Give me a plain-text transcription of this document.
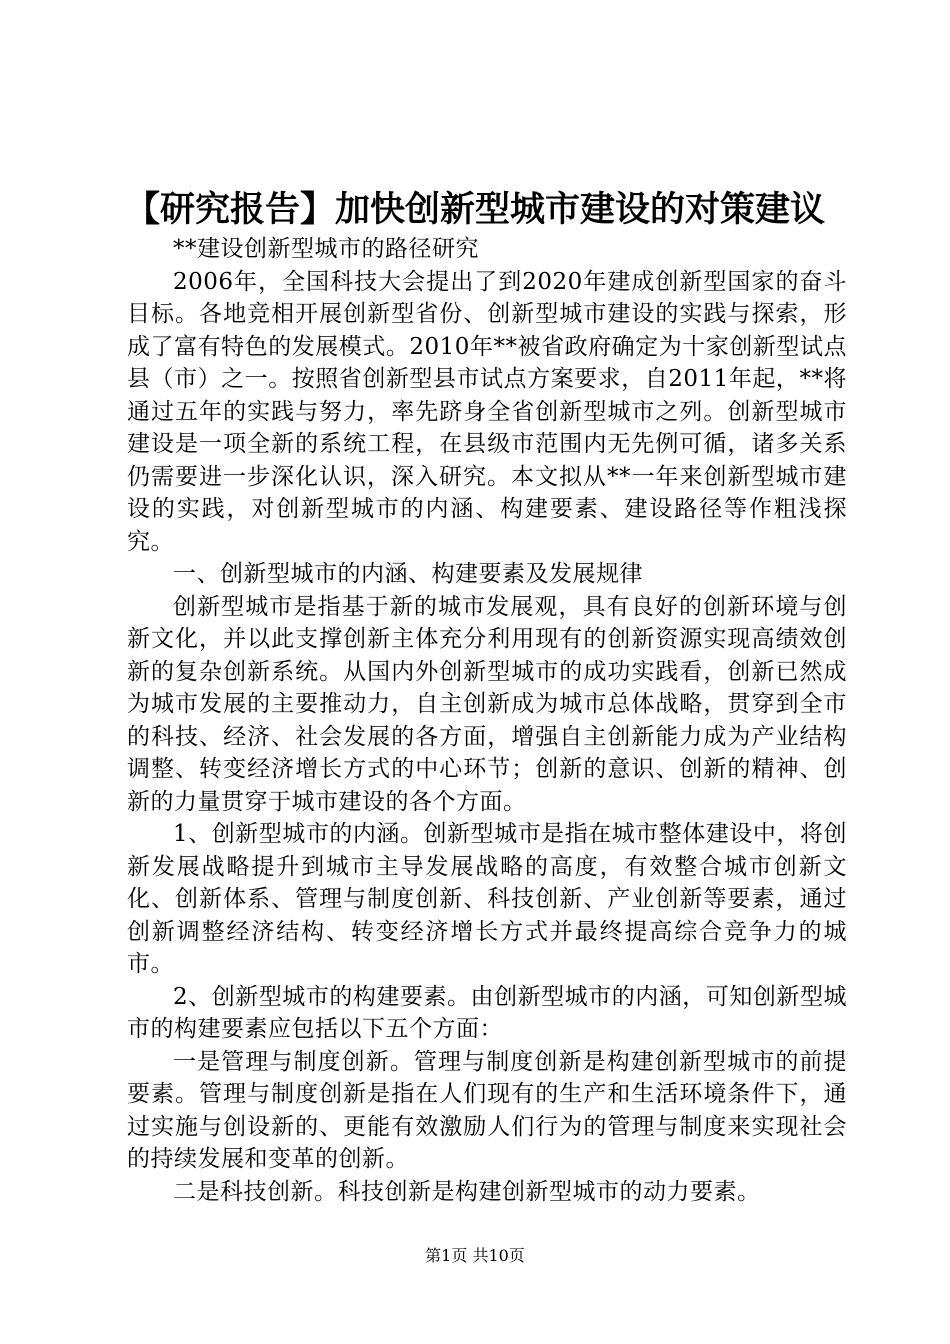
【研究报告】加快创新型城市建设的对策建议

**建设创新型城市的路径研究

2006年，全国科技大会提出了到2020年建成创新型国家的奋斗目标。各地竞相开展创新型省份、创新型城市建设的实践与探索，形成了富有特色的发展模式。2010年**被省政府确定为十家创新型试点县（市）之一。按照省创新型县市试点方案要求，自2011年起，**将通过五年的实践与努力，率先跻身全省创新型城市之列。创新型城市建设是一项全新的系统工程，在县级市范围内无先例可循，诸多关系仍需要进一步深化认识，深入研究。本文拟从**一年来创新型城市建设的实践，对创新型城市的内涵、构建要素、建设路径等作粗浅探究。

一、创新型城市的内涵、构建要素及发展规律

创新型城市是指基于新的城市发展观，具有良好的创新环境与创新文化，并以此支撑创新主体充分利用现有的创新资源实现高绩效创新的复杂创新系统。从国内外创新型城市的成功实践看，创新已然成为城市发展的主要推动力，自主创新成为城市总体战略，贯穿到全市的科技、经济、社会发展的各方面，增强自主创新能力成为产业结构调整、转变经济增长方式的中心环节；创新的意识、创新的精神、创新的力量贯穿于城市建设的各个方面。

1、创新型城市的内涵。创新型城市是指在城市整体建设中，将创新发展战略提升到城市主导发展战略的高度，有效整合城市创新文化、创新体系、管理与制度创新、科技创新、产业创新等要素，通过创新调整经济结构、转变经济增长方式并最终提高综合竞争力的城市。

2、创新型城市的构建要素。由创新型城市的内涵，可知创新型城市的构建要素应包括以下五个方面：

一是管理与制度创新。管理与制度创新是构建创新型城市的前提要素。管理与制度创新是指在人们现有的生产和生活环境条件下，通过实施与创设新的、更能有效激励人们行为的管理与制度来实现社会的持续发展和变革的创新。

二是科技创新。科技创新是构建创新型城市的动力要素。

第1页 共10页
